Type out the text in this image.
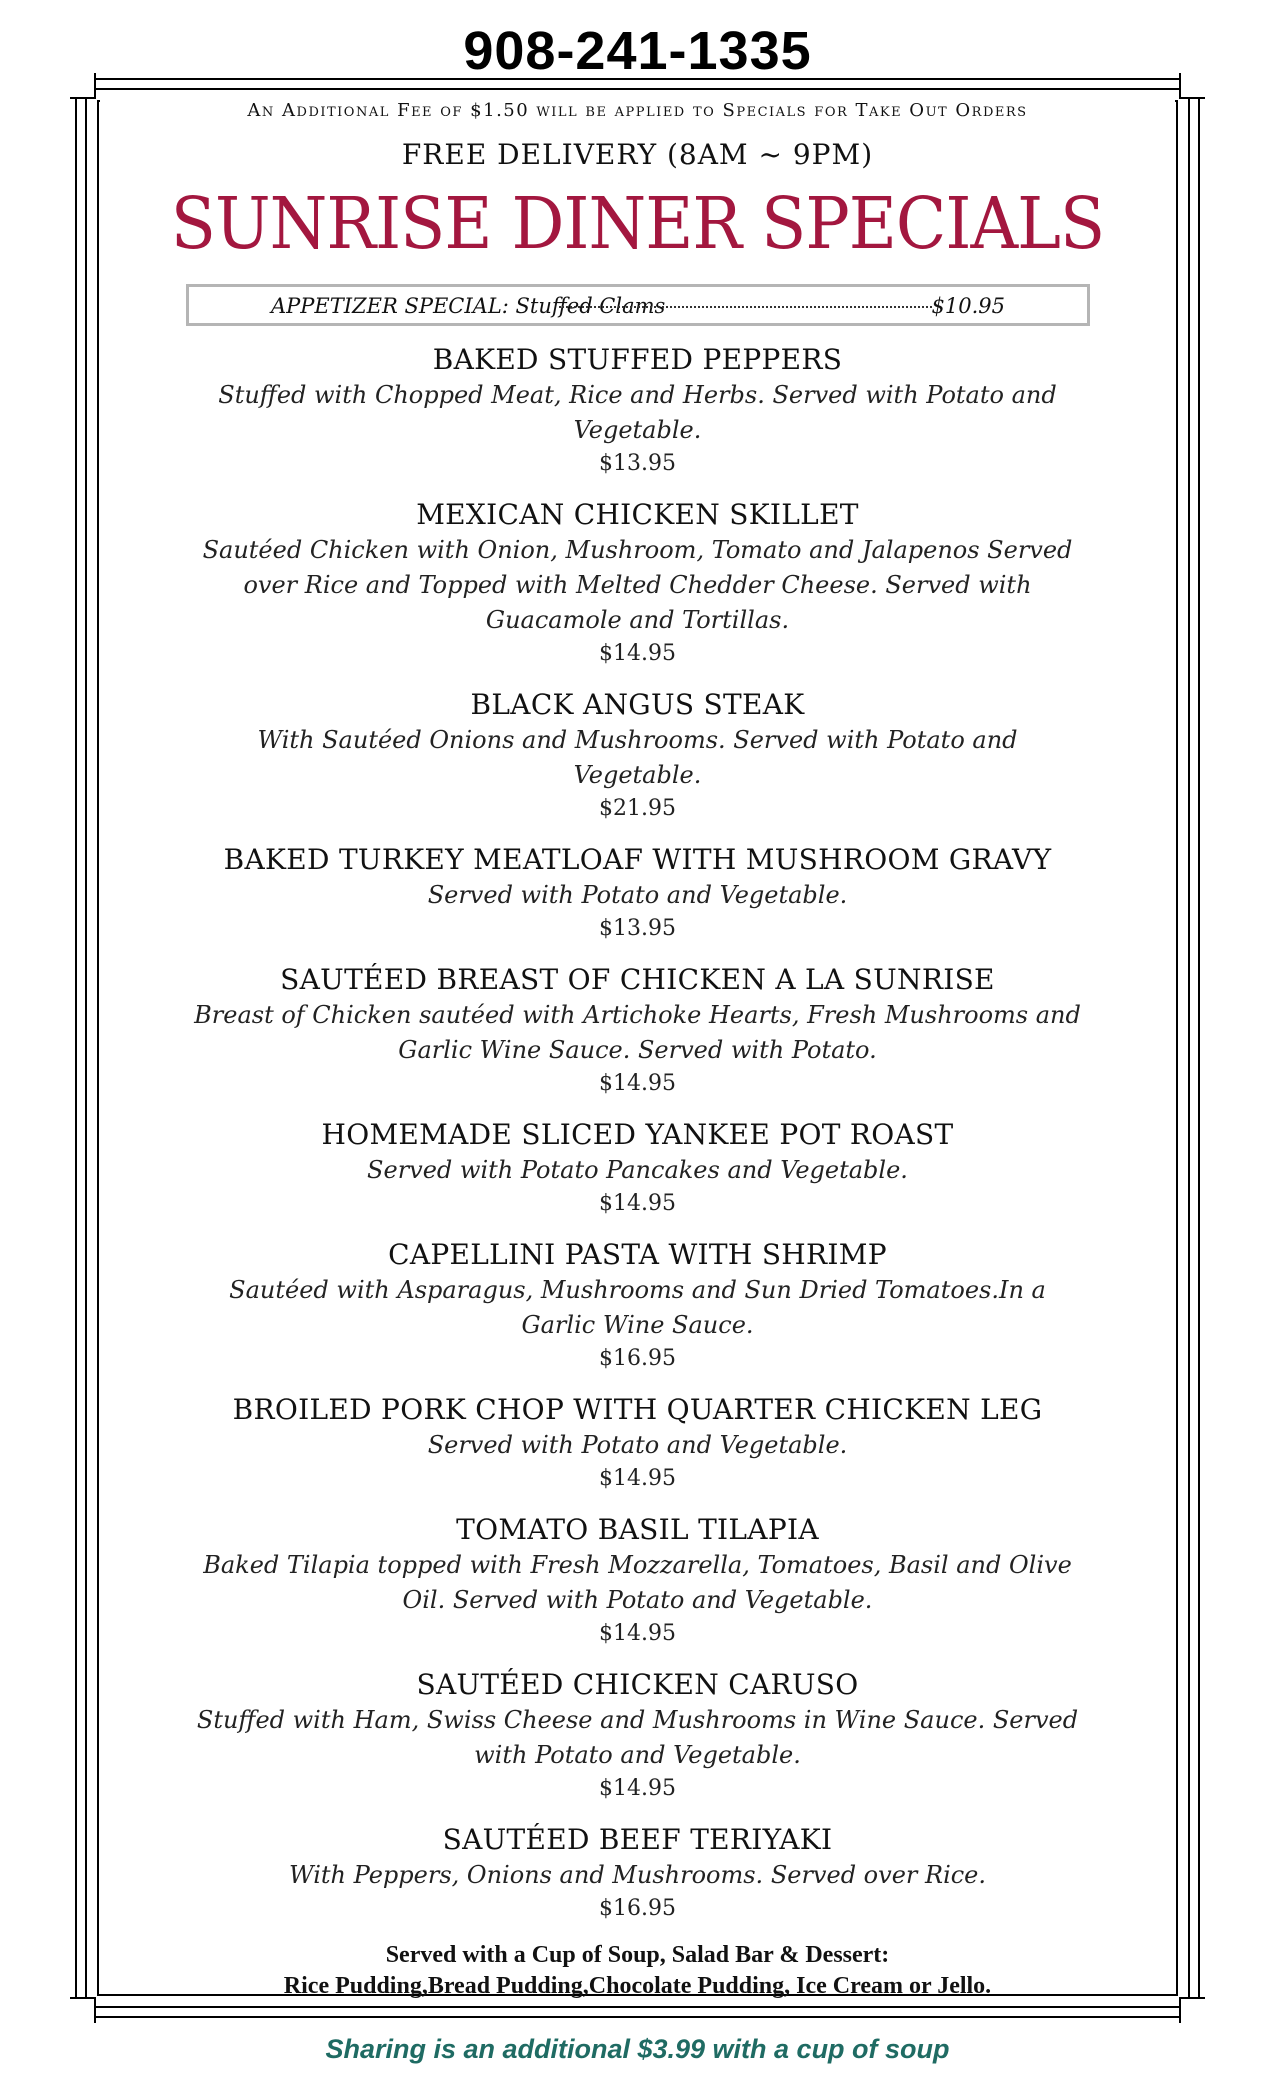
908-241-1335
An Additional Fee of $1.50 will be applied to Specials for Take Out Orders
FREE DELIVERY (8AM ~ 9PM)
SUNRISE DINER SPECIALS
APPETIZER SPECIAL: Stuffed Clams	$10.95
BAKED STUFFED PEPPERS
Stuffed with Chopped Meat, Rice and Herbs. Served with Potato and Vegetable.
$13.95
MEXICAN CHICKEN SKILLET
Sautéed Chicken with Onion, Mushroom, Tomato and Jalapenos Served over Rice and Topped with Melted Chedder Cheese. Served with Guacamole and Tortillas.
$14.95
BLACK ANGUS STEAK
With Sautéed Onions and Mushrooms. Served with Potato and Vegetable.
$21.95
BAKED TURKEY MEATLOAF WITH MUSHROOM GRAVY
Served with Potato and Vegetable.
$13.95
SAUTÉED BREAST OF CHICKEN A LA SUNRISE
Breast of Chicken sautéed with Artichoke Hearts, Fresh Mushrooms and Garlic Wine Sauce. Served with Potato.
$14.95
HOMEMADE SLICED YANKEE POT ROAST
Served with Potato Pancakes and Vegetable.
$14.95
CAPELLINI PASTA WITH SHRIMP
Sautéed with Asparagus, Mushrooms and Sun Dried Tomatoes.In a Garlic Wine Sauce.
$16.95
BROILED PORK CHOP WITH QUARTER CHICKEN LEG
Served with Potato and Vegetable.
$14.95
TOMATO BASIL TILAPIA
Baked Tilapia topped with Fresh Mozzarella, Tomatoes, Basil and Olive Oil. Served with Potato and Vegetable.
$14.95
SAUTÉED CHICKEN CARUSO
Stuffed with Ham, Swiss Cheese and Mushrooms in Wine Sauce. Served with Potato and Vegetable.
$14.95
SAUTÉED BEEF TERIYAKI
With Peppers, Onions and Mushrooms. Served over Rice.
$16.95
Served with a Cup of Soup, Salad Bar & Dessert:
Rice Pudding,Bread Pudding,Chocolate Pudding, Ice Cream or Jello.
Sharing is an additional $3.99 with a cup of soup
